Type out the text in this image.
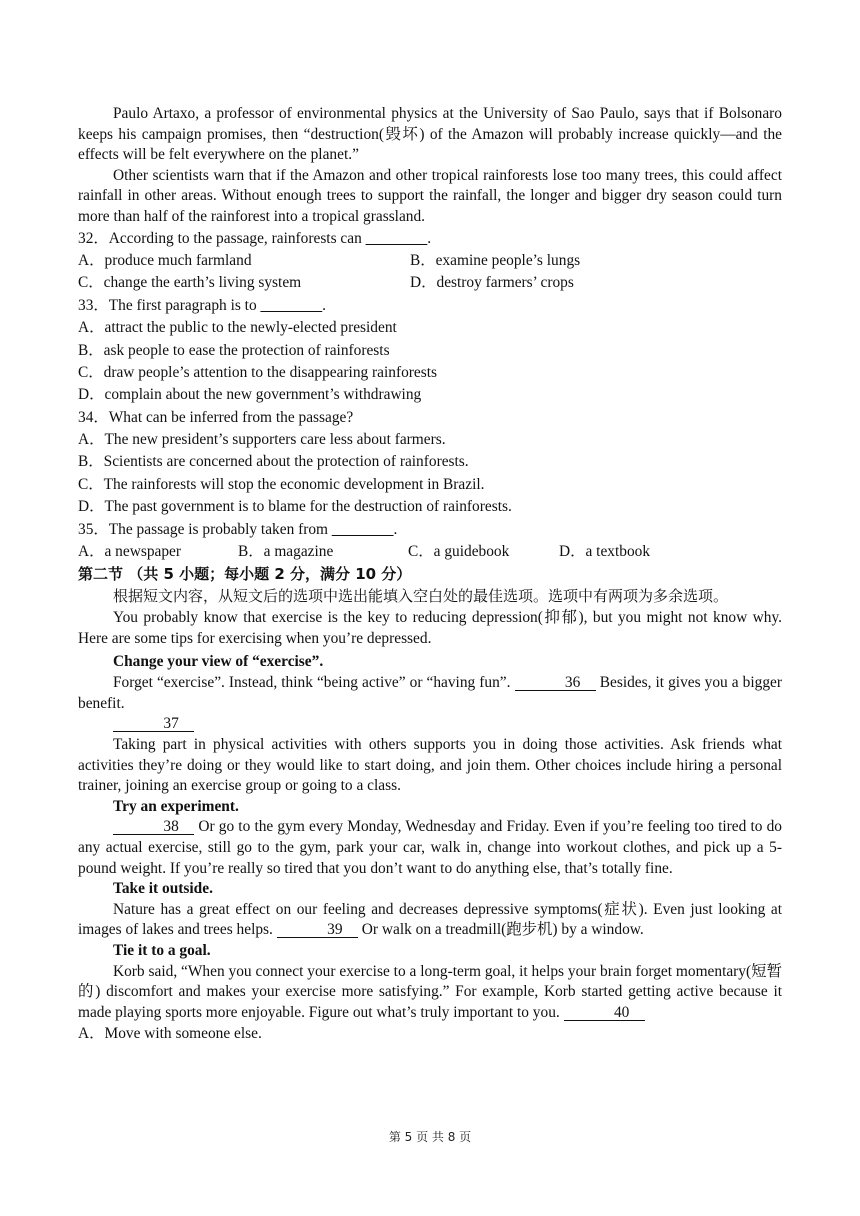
Paulo Artaxo, a professor of environmental physics at the University of Sao Paulo, says that if Bolsonaro keeps his campaign promises, then “destruction(毁坏) of the Amazon will probably increase quickly—and the effects will be felt everywhere on the planet.”

Other scientists warn that if the Amazon and other tropical rainforests lose too many trees, this could affect rainfall in other areas. Without enough trees to support the rainfall, the longer and bigger dry season could turn more than half of the rainforest into a tropical grassland.

32．According to the passage, rainforests can ________.
A．produce much farmland	B．examine people’s lungs
C．change the earth’s living system	D．destroy farmers’ crops
33．The first paragraph is to ________.
A．attract the public to the newly-elected president
B．ask people to ease the protection of rainforests
C．draw people’s attention to the disappearing rainforests
D．complain about the new government’s withdrawing
34．What can be inferred from the passage?
A．The new president’s supporters care less about farmers.
B．Scientists are concerned about the protection of rainforests.
C．The rainforests will stop the economic development in Brazil.
D．The past government is to blame for the destruction of rainforests.
35．The passage is probably taken from ________.
A．a newspaper	B．a magazine	C．a guidebook	D．a textbook
第二节 （共 5 小题；每小题 2 分，满分 10 分）

根据短文内容，从短文后的选项中选出能填入空白处的最佳选项。选项中有两项为多余选项。

You probably know that exercise is the key to reducing depression(抑郁), but you might not know why. Here are some tips for exercising when you’re depressed.

Change your view of “exercise”.

Forget “exercise”. Instead, think “being active” or “having fun”.	36 Besides, it gives you a bigger benefit.

37

Taking part in physical activities with others supports you in doing those activities. Ask friends what activities they’re doing or they would like to start doing, and join them. Other choices include hiring a personal trainer, joining an exercise group or going to a class.

Try an experiment.

38 Or go to the gym every Monday, Wednesday and Friday. Even if you’re feeling too tired to do any actual exercise, still go to the gym, park your car, walk in, change into workout clothes, and pick up a 5-pound weight. If you’re really so tired that you don’t want to do anything else, that’s totally fine.

Take it outside.

Nature has a great effect on our feeling and decreases depressive symptoms(症状). Even just looking at images of lakes and trees helps.	39 Or walk on a treadmill(跑步机) by a window.

Tie it to a goal.

Korb said, “When you connect your exercise to a long-term goal, it helps your brain forget momentary(短暂的) discomfort and makes your exercise more satisfying.” For example, Korb started getting active because it made playing sports more enjoyable. Figure out what’s truly important to you.	40

A．Move with someone else.
第 5 页 共 8 页
